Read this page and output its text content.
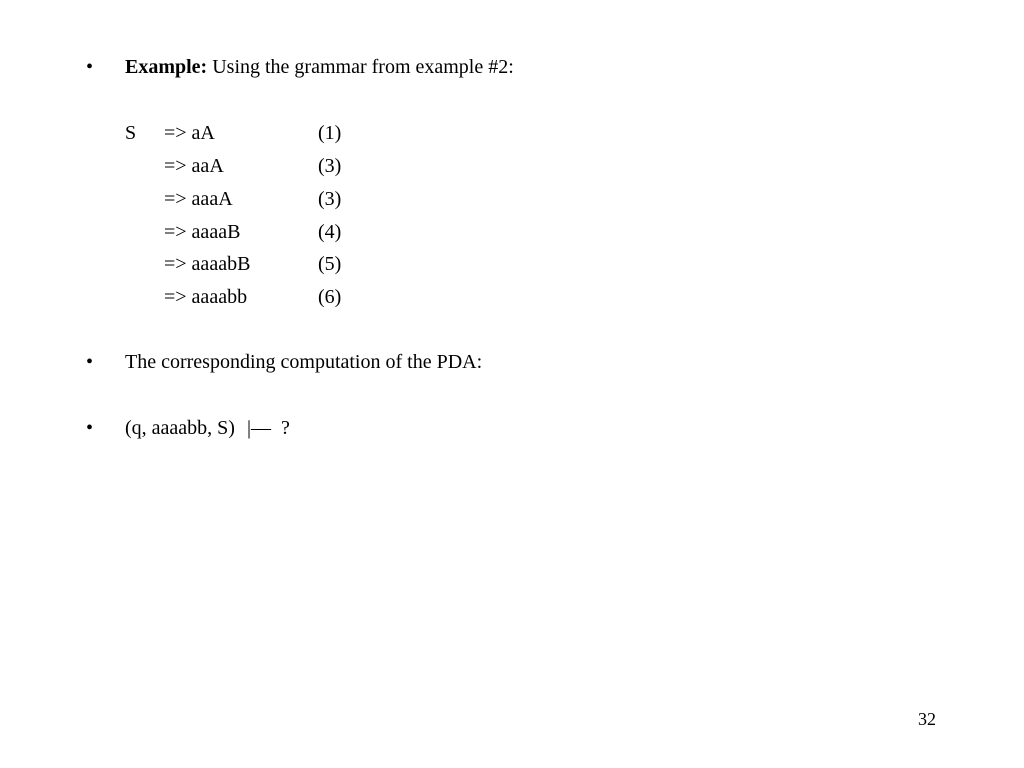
• Example: Using the grammar from example #2:
S => aA	(1)
=> aaA	(3)
=> aaaA	(3)
=> aaaaB	(4)
=> aaaabB	(5)
=> aaaabb	(6)
• The corresponding computation of the PDA:
• (q, aaaabb, S) |— ?
32
